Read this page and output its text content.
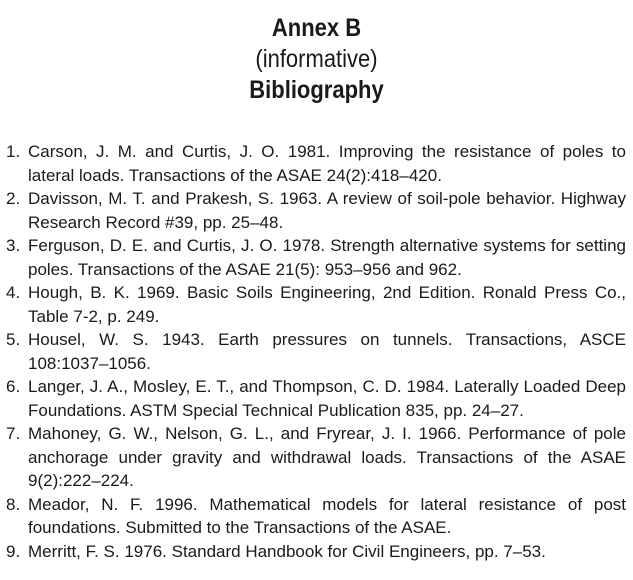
Annex B
(informative)
Bibliography
1. Carson, J. M. and Curtis, J. O. 1981. Improving the resistance of poles to lateral loads. Transactions of the ASAE 24(2):418–420.
2. Davisson, M. T. and Prakesh, S. 1963. A review of soil-pole behavior. Highway Research Record #39, pp. 25–48.
3. Ferguson, D. E. and Curtis, J. O. 1978. Strength alternative systems for setting poles. Transactions of the ASAE 21(5): 953–956 and 962.
4. Hough, B. K. 1969. Basic Soils Engineering, 2nd Edition. Ronald Press Co., Table 7-2, p. 249.
5. Housel, W. S. 1943. Earth pressures on tunnels. Transactions, ASCE 108:1037–1056.
6. Langer, J. A., Mosley, E. T., and Thompson, C. D. 1984. Laterally Loaded Deep Foundations. ASTM Special Technical Publication 835, pp. 24–27.
7. Mahoney, G. W., Nelson, G. L., and Fryrear, J. I. 1966. Performance of pole anchorage under gravity and withdrawal loads. Transactions of the ASAE 9(2):222–224.
8. Meador, N. F. 1996. Mathematical models for lateral resistance of post foundations. Submitted to the Transactions of the ASAE.
9. Merritt, F. S. 1976. Standard Handbook for Civil Engineers, pp. 7–53.
